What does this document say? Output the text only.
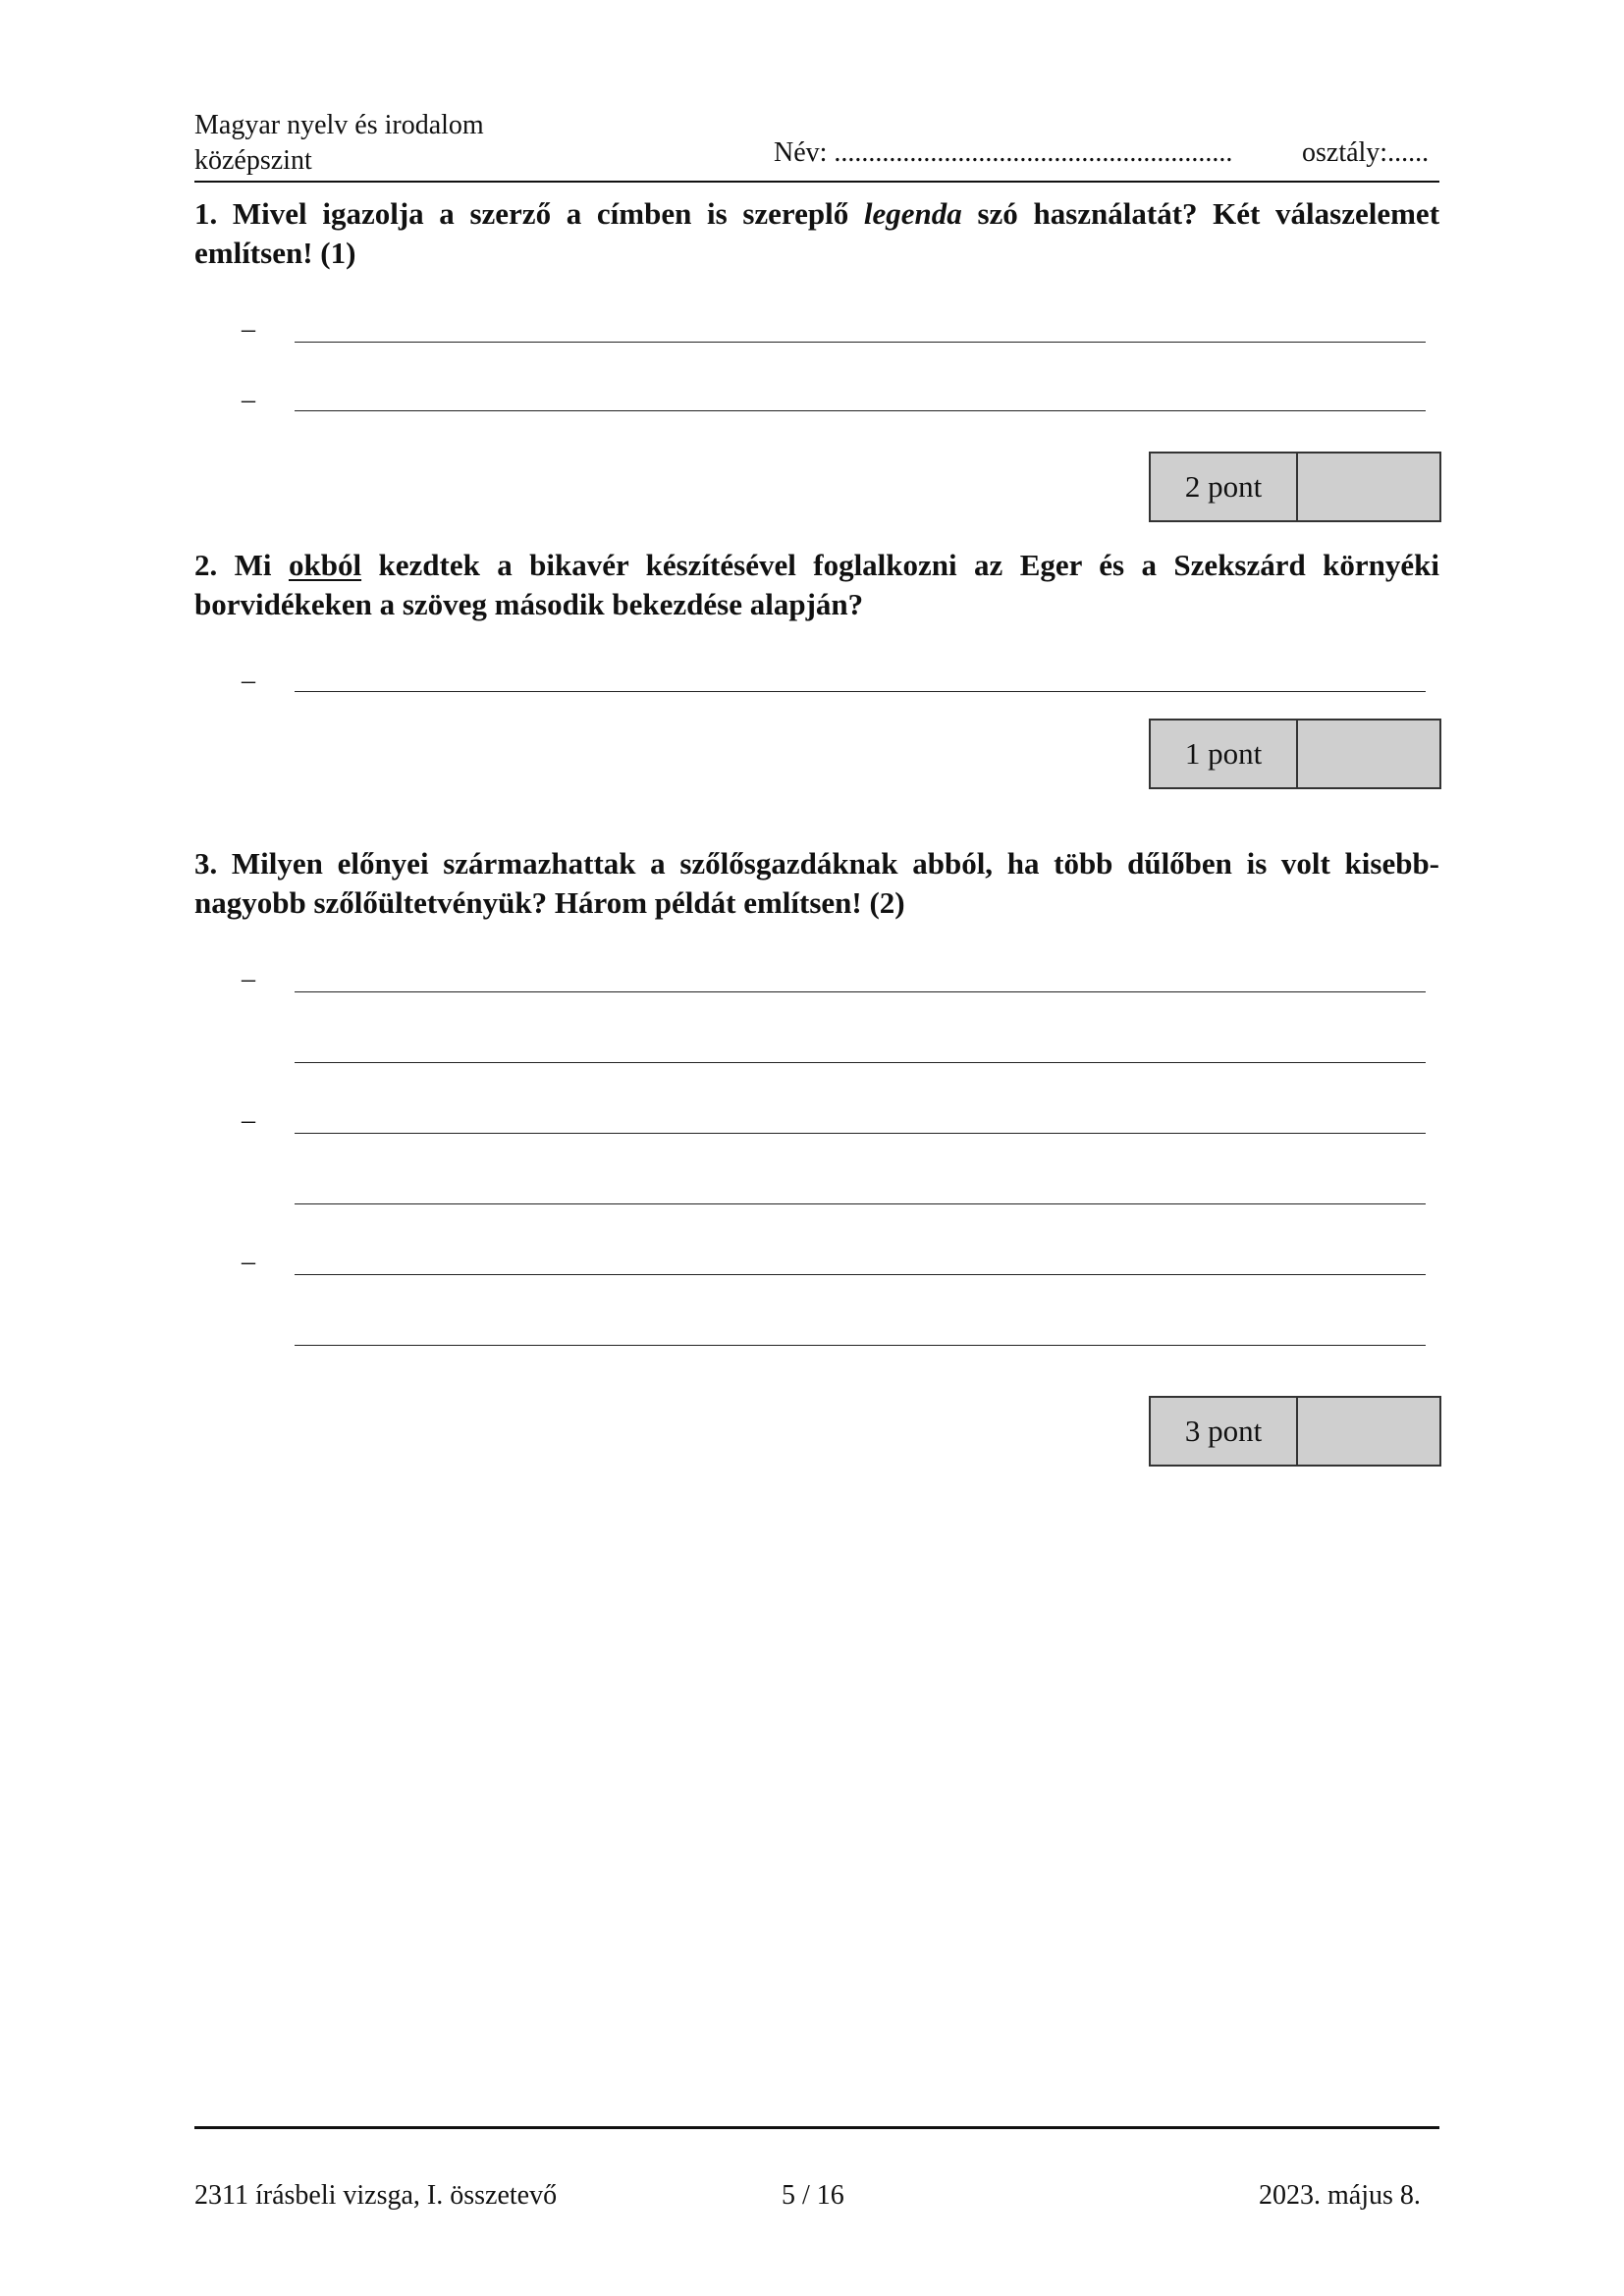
Magyar nyelv és irodalom
középszint	Név: ..........................................................	osztály:......
1. Mivel igazolja a szerző a címben is szereplő legenda szó használatát? Két válaszelemet említsen! (1)
–
–
2 pont
2. Mi okból kezdtek a bikavér készítésével foglalkozni az Eger és a Szekszárd környéki borvidékeken a szöveg második bekezdése alapján?
–
1 pont
3. Milyen előnyei származhattak a szőlősgazdáknak abból, ha több dűlőben is volt kisebb-nagyobb szőlőültetvényük? Három példát említsen! (2)
–
–
–
3 pont
2311 írásbeli vizsga, I. összetevő	5 / 16	2023. május 8.
